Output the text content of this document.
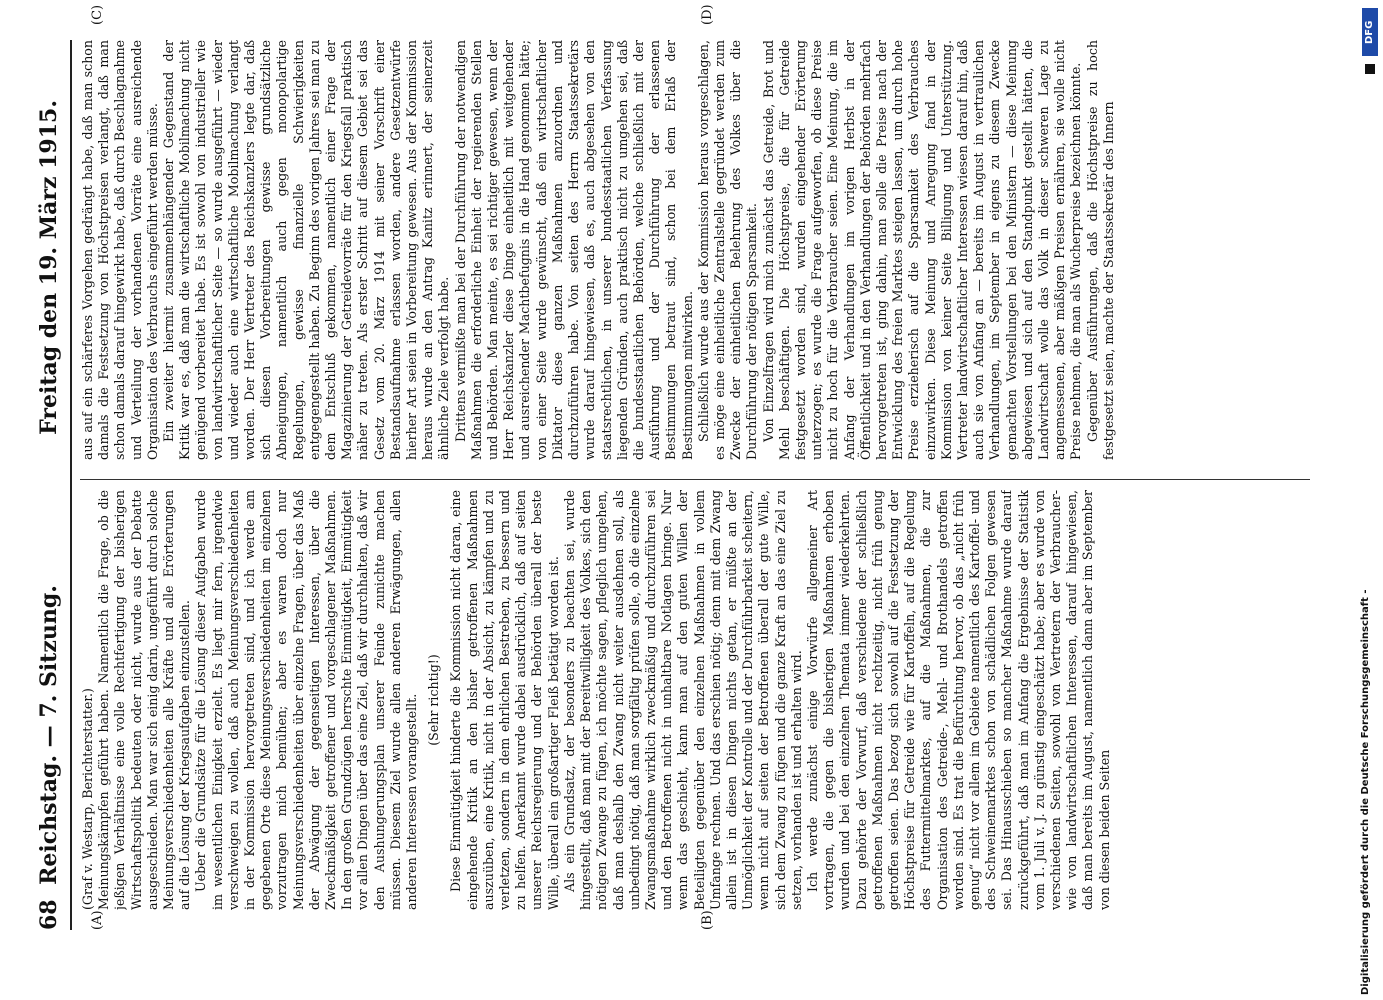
68
Reichstag. — 7. Sitzung.
Freitag den 19. März 1915.
(A)	(B)
(C)	(D)

(Graf v. Westarp, Berichterstatter.) Meinungskämpfen geführt haben. Namentlich die Frage, ob die jeßigen Verhältnisse eine volle Rechtfertigung der bisherigen Wirtschaftspolitik bedeuten oder nicht, wurde aus der Debatte ausgeschieden. Man war sich einig darin, ungeführt durch solche Meinungsverschiedenheiten alle Kräfte und alle Erörterungen auf die Lösung der Kriegsaufgaben einzustellen. Ueber die Grundsätze für die Lösung dieser Aufgaben wurde im wesentlichen Einigkeit erzielt. Es liegt mir fern, irgendwie verschweigen zu wollen, daß auch Meinungsverschiedenheiten in der Kommission hervorgetreten sind, und ich werde am gegebenen Orte diese Meinungsverschiedenheiten im einzelnen vorzutragen mich bemühen; aber es waren doch nur Meinungsverschiedenheiten über einzelne Fragen, über das Maß der Abwägung der gegenseitigen Interessen, über die Zweckmäßigkeit getroffener und vorgeschlagener Maßnahmen. In den großen Grundzügen herrschte Einmütigkeit, Einmütigkeit vor allen Dingen über das eine Ziel, daß wir durchhalten, daß wir den Aushungerungsplan unserer Feinde zunichte machen müssen. Diesem Ziel wurde allen anderen Erwägungen, allen anderen Interessen vorangestellt. (Sehr richtig!) Diese Einmütigkeit hinderte die Kommission nicht daran, eine eingehende Kritik an den bisher getroffenen Maßnahmen auszuüben, eine Kritik, nicht in der Absicht, zu kämpfen und zu verletzen, sondern in dem ehrlichen Bestreben, zu bessern und zu helfen. Anerkannt wurde dabei ausdrücklich, daß auf seiten unserer Reichsregierung und der Behörden überall der beste Wille, überall ein großartiger Fleiß betätigt worden ist. Als ein Grundsatz, der besonders zu beachten sei, wurde hingestellt, daß man mit der Bereitwilligkeit des Volkes, sich den nötigen Zwange zu fügen, ich möchte sagen, pfleglich umgehen, daß man deshalb den Zwang nicht weiter ausdehnen soll, als unbedingt nötig, daß man sorgfältig prüfen solle, ob die einzelne Zwangsmaßnahme wirklich zweckmäßig und durchzuführen sei und den Betroffenen nicht in unhaltbare Notlagen bringe. Nur wenn das geschieht, kann man auf den guten Willen der Beteiligten gegenüber den einzelnen Maßnahmen in vollem Umfange rechnen. Und das erschien nötig; denn mit dem Zwang allein ist in diesen Dingen nichts getan, er müßte an der Unmöglichkeit der Kontrolle und der Durchführbarkeit scheitern, wenn nicht auf seiten der Betroffenen überall der gute Wille, sich dem Zwang zu fügen und die ganze Kraft an das eine Ziel zu setzen, vorhanden ist und erhalten wird. Ich werde zunächst einige Vorwürfe allgemeiner Art vortragen, die gegen die bisherigen Maßnahmen erhoben wurden und bei den einzelnen Themata immer wiederkehrten. Dazu gehörte der Vorwurf, daß verschiedene der schließlich getroffenen Maßnahmen nicht rechtzeitig, nicht früh genug getroffen seien. Das bezog sich sowohl auf die Festsetzung der Höchstpreise für Getreide wie für Kartoffeln, auf die Regelung des Futtermittelmarktes, auf die Maßnahmen, die zur Organisation des Getreide-, Mehl- und Brothandels getroffen worden sind. Es trat die Befürchtung hervor, ob das „nicht früh genug“ nicht vor allem im Gebiete namentlich des Kartoffel- und des Schweinemarktes schon von schädlichen Folgen gewesen sei. Das Hinausschieben so mancher Maßnahme wurde darauf zurückgeführt, daß man im Anfang die Ergebnisse der Statistik vom 1. Juli v. J. zu günstig eingeschätzt habe; aber es wurde von verschiedenen Seiten, sowohl von Vertretern der Verbraucher- wie von landwirtschaftlichen Interessen, darauf hingewiesen, daß man bereits im August, namentlich dann aber im September von diesen beiden Seiten

aus auf ein schärferes Vorgehen gedrängt habe, daß man schon damals die Festsetzung von Höchstpreisen verlangt, daß man schon damals darauf hingewirkt habe, daß durch Beschlagnahme und Verteilung der vorhandenen Vorräte eine ausreichende Organisation des Verbrauchs eingeführt werden müsse. Ein zweiter hiermit zusammenhängender Gegenstand der Kritik war es, daß man die wirtschaftliche Mobilmachung nicht genügend vorbereitet habe. Es ist sowohl von industrieller wie von landwirtschaftlicher Seite — so wurde ausgeführt — wieder und wieder auch eine wirtschaftliche Mobilmachung verlangt worden. Der Herr Vertreter des Reichskanzlers legte dar, daß sich diesen Vorbereitungen gewisse grundsätzliche Abneigungen, namentlich auch gegen monopolartige Regelungen, gewisse finanzielle Schwierigkeiten entgegengestellt haben. Zu Beginn des vorigen Jahres sei man zu dem Entschluß gekommen, namentlich einer Frage der Magazinierung der Getreidevorräte für den Kriegsfall praktisch näher zu treten. Als erster Schritt auf diesem Gebiet sei das Gesetz vom 20. März 1914 mit seiner Vorschrift einer Bestandsaufnahme erlassen worden, andere Gesetzentwürfe hierher Art seien in Vorbereitung gewesen. Aus der Kommission heraus wurde an den Antrag Kanitz erinnert, der seinerzeit ähnliche Ziele verfolgt habe. Drittens vermißte man bei der Durchführung der notwendigen Maßnahmen die erforderliche Einheit der regierenden Stellen und Behörden. Man meinte, es sei richtiger gewesen, wenn der Herr Reichskanzler diese Dinge einheitlich mit weitgehender und ausreichender Machtbefugnis in die Hand genommen hätte; von einer Seite wurde gewünscht, daß ein wirtschaftlicher Diktator diese ganzen Maßnahmen anzuordnen und durchzuführen habe. Von seiten des Herrn Staatssekretärs wurde darauf hingewiesen, daß es, auch abgesehen von den staatsrechtlichen, in unserer bundesstaatlichen Verfassung liegenden Gründen, auch praktisch nicht zu umgehen sei, daß die bundesstaatlichen Behörden, welche schließlich mit der Ausführung und der Durchführung der erlassenen Bestimmungen betraut sind, schon bei dem Erlaß der Bestimmungen mitwirken. Schließlich wurde aus der Kommission heraus vorgeschlagen, es möge eine einheitliche Zentralstelle gegründet werden zum Zwecke der einheitlichen Belehrung des Volkes über die Durchführung der nötigen Sparsamkeit. Von Einzelfragen wird mich zunächst das Getreide, Brot und Mehl beschäftigen. Die Höchstpreise, die für Getreide festgesetzt worden sind, wurden eingehender Erörterung unterzogen; es wurde die Frage aufgeworfen, ob diese Preise nicht zu hoch für die Verbraucher seien. Eine Meinung, die im Anfang der Verhandlungen im vorigen Herbst in der Öffentlichkeit und in den Verhandlungen der Behörden mehrfach hervorgetreten ist, ging dahin, man solle die Preise nach der Entwicklung des freien Marktes steigen lassen, um durch hohe Preise erzieherisch auf die Sparsamkeit des Verbrauches einzuwirken. Diese Meinung und Anregung fand in der Kommission von keiner Seite Billigung und Unterstützung. Vertreter landwirtschaftlicher Interessen wiesen darauf hin, daß auch sie von Anfang an — bereits im August in vertraulichen Verhandlungen, im September in eigens zu diesem Zwecke gemachten Vorstellungen bei den Ministern — diese Meinung abgewiesen und sich auf den Standpunkt gestellt hätten, die Landwirtschaft wolle das Volk in dieser schweren Lage zu angemessenen, aber mäßigen Preisen ernähren, sie wolle nicht Preise nehmen, die man als Wucherpreise bezeichnen könnte. Gegenüber Ausführungen, daß die Höchstpreise zu hoch festgesetzt seien, machte der Staatssekretär des Innern

DFG
Digitalisierung gefördert durch die Deutsche Forschungsgemeinschaft -
